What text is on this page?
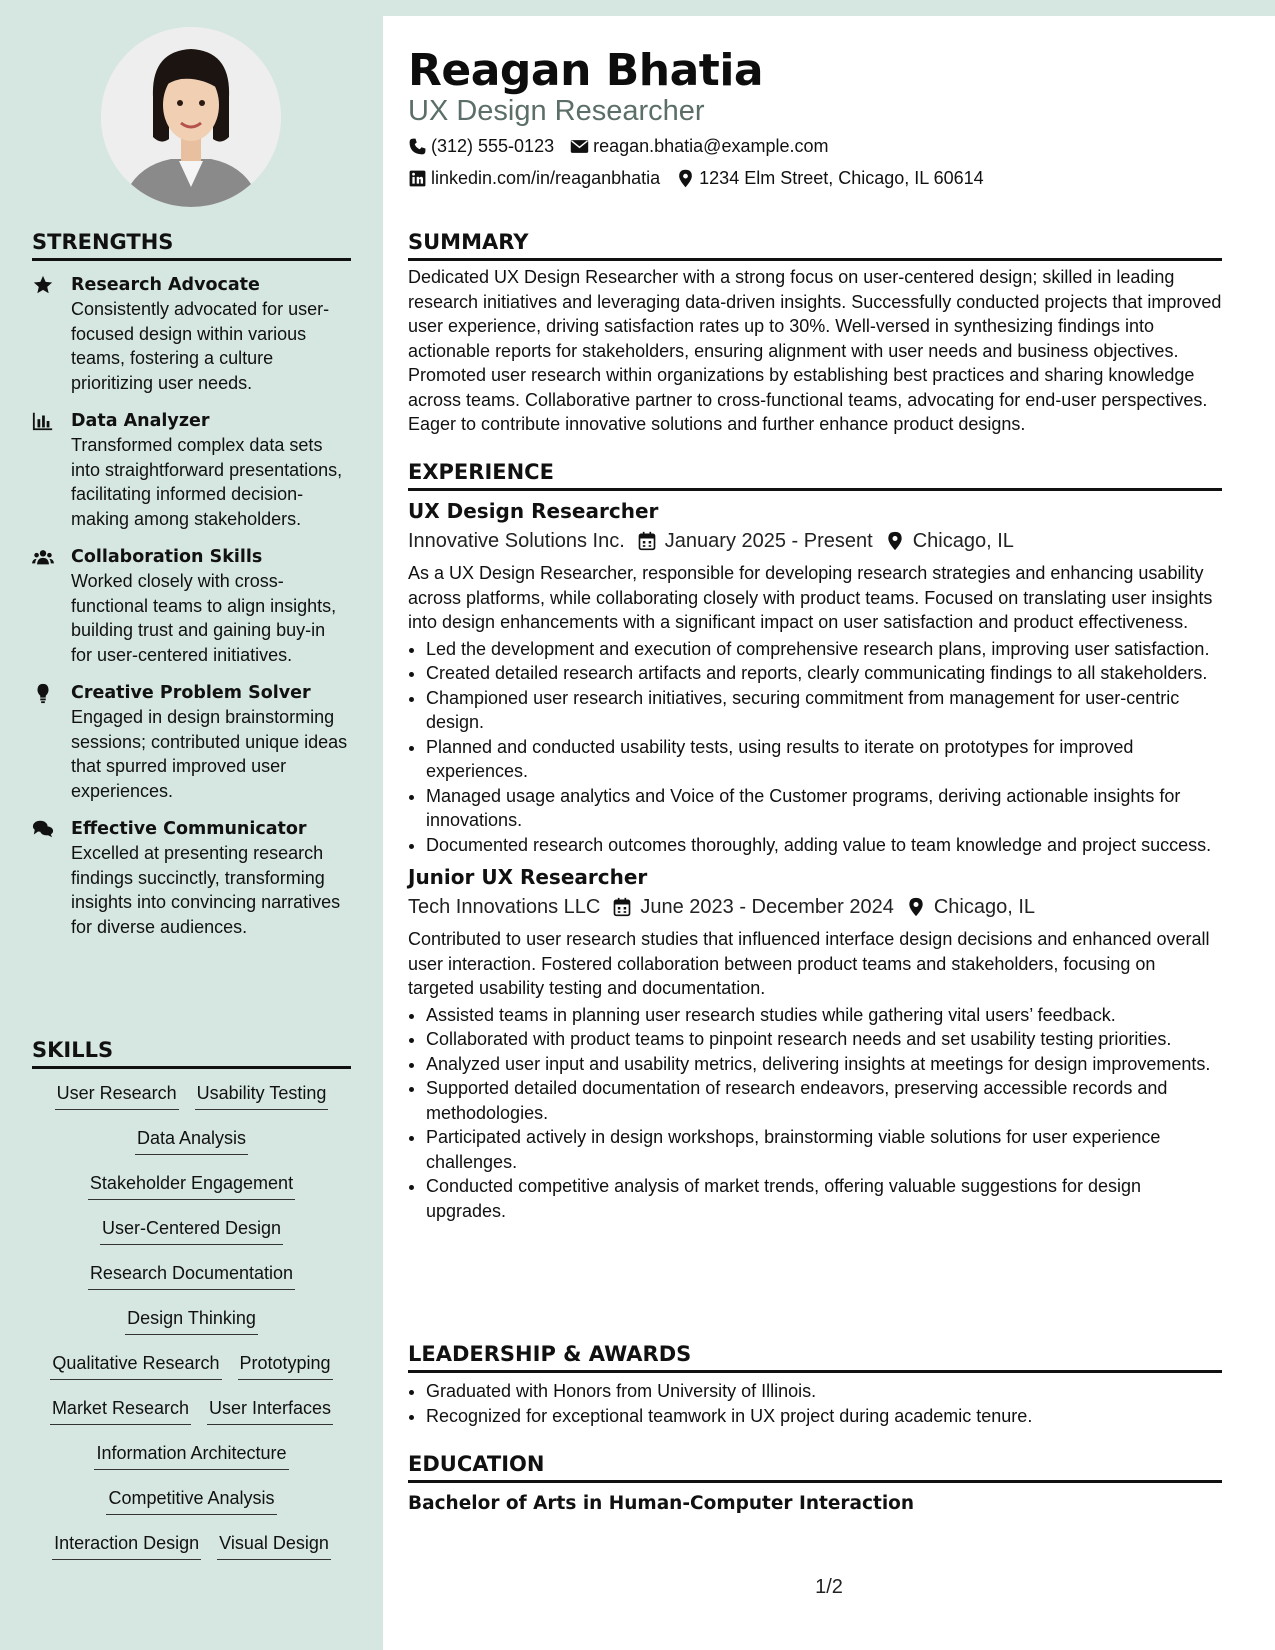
STRENGTHS
Research Advocate
Consistently advocated for user-focused design within various teams, fostering a culture prioritizing user needs.
Data Analyzer
Transformed complex data sets into straightforward presentations, facilitating informed decision-making among stakeholders.
Collaboration Skills
Worked closely with cross-functional teams to align insights, building trust and gaining buy-in for user-centered initiatives.
Creative Problem Solver
Engaged in design brainstorming sessions; contributed unique ideas that spurred improved user experiences.
Effective Communicator
Excelled at presenting research findings succinctly, transforming insights into convincing narratives for diverse audiences.
SKILLS
User Research Usability Testing
Data Analysis
Stakeholder Engagement
User-Centered Design
Research Documentation
Design Thinking
Qualitative Research Prototyping
Market Research User Interfaces
Information Architecture
Competitive Analysis
Interaction Design Visual Design
Reagan Bhatia
UX Design Researcher
(312) 555-0123 reagan.bhatia@example.com
linkedin.com/in/reaganbhatia 1234 Elm Street, Chicago, IL 60614
SUMMARY

Dedicated UX Design Researcher with a strong focus on user-centered design; skilled in leading research initiatives and leveraging data-driven insights. Successfully conducted projects that improved user experience, driving satisfaction rates up to 30%. Well-versed in synthesizing findings into actionable reports for stakeholders, ensuring alignment with user needs and business objectives. Promoted user research within organizations by establishing best practices and sharing knowledge across teams. Collaborative partner to cross-functional teams, advocating for end-user perspectives. Eager to contribute innovative solutions and further enhance product designs.

EXPERIENCE
UX Design Researcher
Innovative Solutions Inc. January 2025 - Present Chicago, IL

As a UX Design Researcher, responsible for developing research strategies and enhancing usability across platforms, while collaborating closely with product teams. Focused on translating user insights into design enhancements with a significant impact on user satisfaction and product effectiveness.

• Led the development and execution of comprehensive research plans, improving user satisfaction.
• Created detailed research artifacts and reports, clearly communicating findings to all stakeholders.
• Championed user research initiatives, securing commitment from management for user-centric design.
• Planned and conducted usability tests, using results to iterate on prototypes for improved experiences.
• Managed usage analytics and Voice of the Customer programs, deriving actionable insights for innovations.
• Documented research outcomes thoroughly, adding value to team knowledge and project success.
Junior UX Researcher
Tech Innovations LLC June 2023 - December 2024 Chicago, IL

Contributed to user research studies that influenced interface design decisions and enhanced overall user interaction. Fostered collaboration between product teams and stakeholders, focusing on targeted usability testing and documentation.

• Assisted teams in planning user research studies while gathering vital users’ feedback.
• Collaborated with product teams to pinpoint research needs and set usability testing priorities.
• Analyzed user input and usability metrics, delivering insights at meetings for design improvements.
• Supported detailed documentation of research endeavors, preserving accessible records and methodologies.
• Participated actively in design workshops, brainstorming viable solutions for user experience challenges.
• Conducted competitive analysis of market trends, offering valuable suggestions for design upgrades.
LEADERSHIP & AWARDS
• Graduated with Honors from University of Illinois.
• Recognized for exceptional teamwork in UX project during academic tenure.
EDUCATION
Bachelor of Arts in Human-Computer Interaction
1/2
